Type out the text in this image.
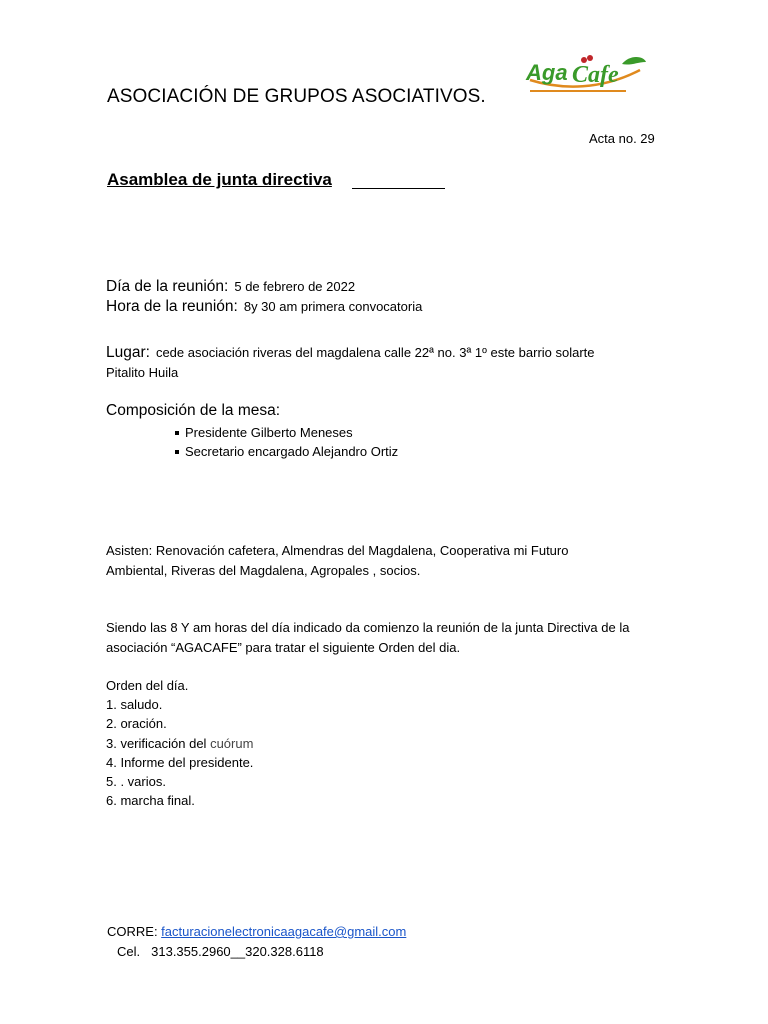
ASOCIACIÓN DE GRUPOS ASOCIATIVOS.
Aga Cafe
Acta no. 29
Asamblea de junta directiva
Día de la reunión: 5 de febrero de 2022
Hora de la reunión: 8y 30 am primera convocatoria
Lugar: cede asociación riveras del magdalena calle 22ª no. 3ª 1º este barrio solarte
Pitalito Huila
Composición de la mesa:
Presidente Gilberto Meneses
Secretario encargado Alejandro Ortiz
Asisten: Renovación cafetera, Almendras del Magdalena, Cooperativa mi Futuro
Ambiental, Riveras del Magdalena, Agropales , socios.
Siendo las 8 Y am horas del día indicado da comienzo la reunión de la junta Directiva de la
asociación “AGACAFE” para tratar el siguiente Orden del dia.
Orden del día.
1. saludo.
2. oración.
3. verificación del cuórum
4. Informe del presidente.
5. . varios.
6. marcha final.
CORRE: facturacionelectronicaagacafe@gmail.com
Cel. 313.355.2960__320.328.6118
